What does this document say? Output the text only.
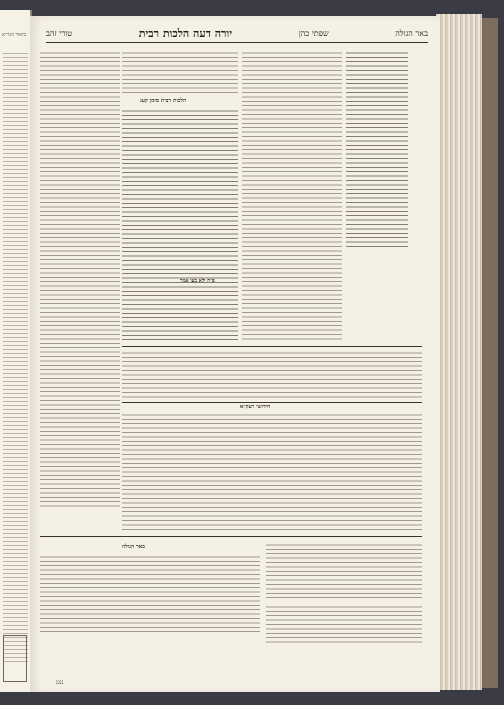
ביאור הגר״א	טורי זהב	יורה דעה הלכות רבית	שפתי כהן	באר הגולה
הלכות רבית סימן קעג
פ״ה ולא בעו אמר
חידושי רעק״א
באר הגולה
ננט
